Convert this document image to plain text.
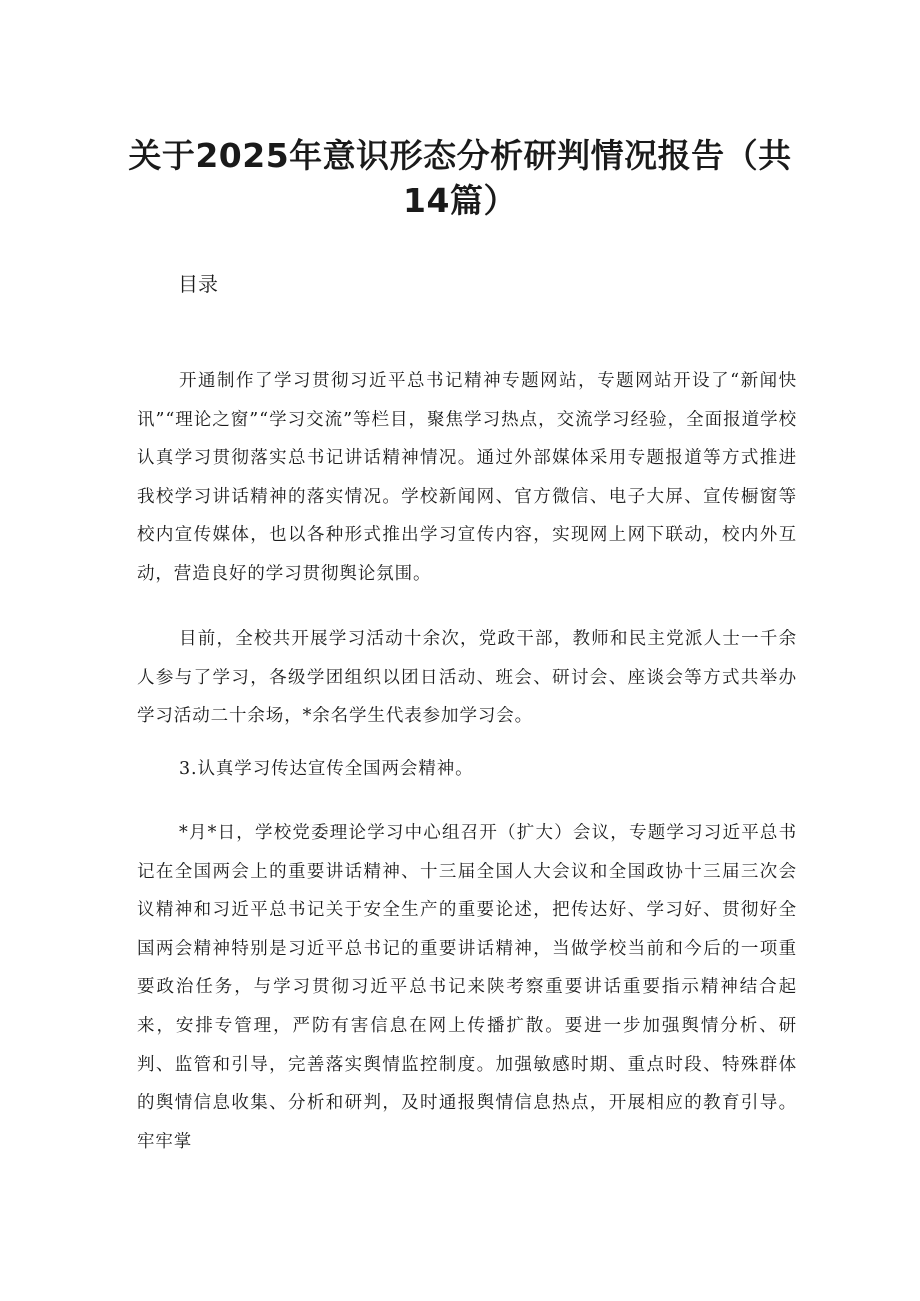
关于2025年意识形态分析研判情况报告（共14篇）

目录

开通制作了学习贯彻习近平总书记精神专题网站，专题网站开设了“新闻快讯”“理论之窗”“学习交流”等栏目，聚焦学习热点，交流学习经验，全面报道学校认真学习贯彻落实总书记讲话精神情况。通过外部媒体采用专题报道等方式推进我校学习讲话精神的落实情况。学校新闻网、官方微信、电子大屏、宣传橱窗等校内宣传媒体，也以各种形式推出学习宣传内容，实现网上网下联动，校内外互动，营造良好的学习贯彻舆论氛围。

目前，全校共开展学习活动十余次，党政干部，教师和民主党派人士一千余人参与了学习，各级学团组织以团日活动、班会、研讨会、座谈会等方式共举办学习活动二十余场，*余名学生代表参加学习会。

3.认真学习传达宣传全国两会精神。

*月*日，学校党委理论学习中心组召开（扩大）会议，专题学习习近平总书记在全国两会上的重要讲话精神、十三届全国人大会议和全国政协十三届三次会议精神和习近平总书记关于安全生产的重要论述，把传达好、学习好、贯彻好全国两会精神特别是习近平总书记的重要讲话精神，当做学校当前和今后的一项重要政治任务，与学习贯彻习近平总书记来陕考察重要讲话重要指示精神结合起来，安排专管理，严防有害信息在网上传播扩散。要进一步加强舆情分析、研判、监管和引导，完善落实舆情监控制度。加强敏感时期、重点时段、特殊群体的舆情信息收集、分析和研判，及时通报舆情信息热点，开展相应的教育引导。牢牢掌
